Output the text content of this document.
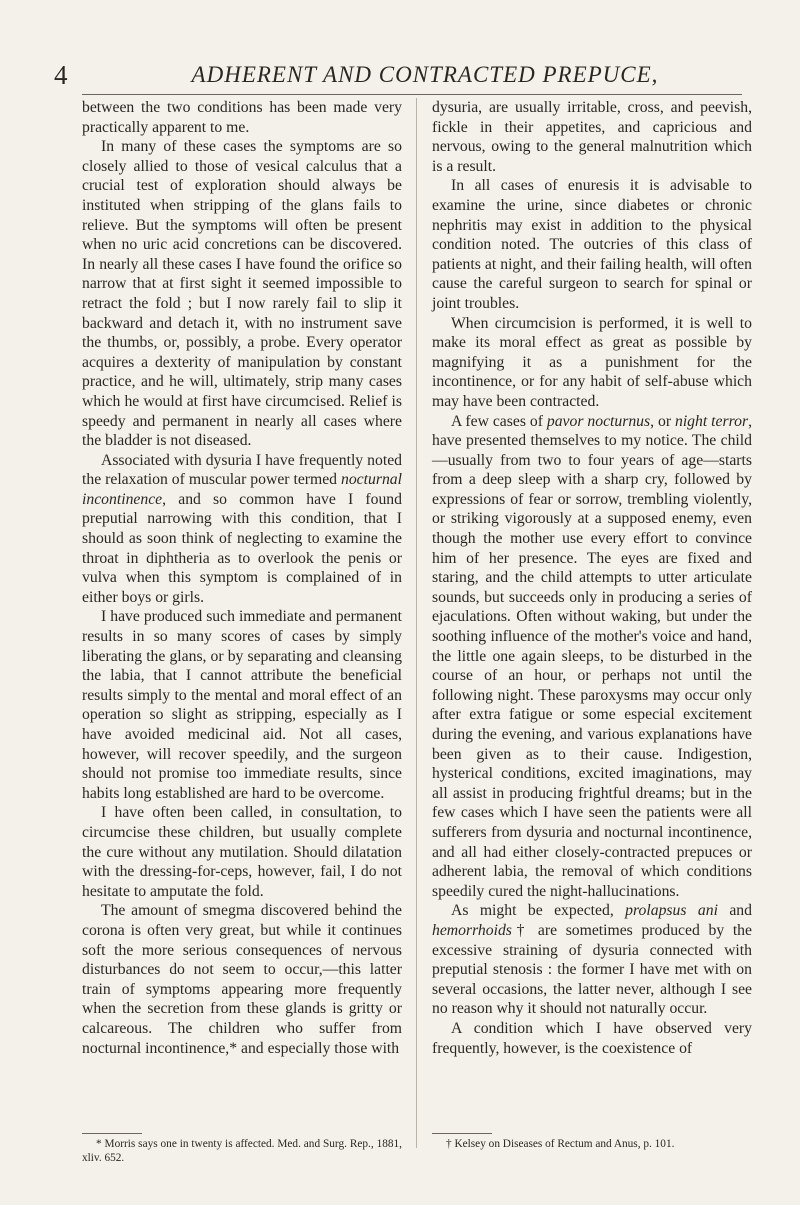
4	ADHERENT AND CONTRACTED PREPUCE,

between the two conditions has been made very practically apparent to me.

In many of these cases the symptoms are so closely allied to those of vesical calculus that a crucial test of exploration should always be instituted when stripping of the glans fails to relieve. But the symptoms will often be present when no uric acid concretions can be discovered. In nearly all these cases I have found the orifice so narrow that at first sight it seemed impossible to retract the fold ; but I now rarely fail to slip it backward and detach it, with no instrument save the thumbs, or, possibly, a probe. Every operator acquires a dexterity of manipulation by constant practice, and he will, ultimately, strip many cases which he would at first have circumcised. Relief is speedy and permanent in nearly all cases where the bladder is not diseased.

Associated with dysuria I have frequently noted the relaxation of muscular power termed nocturnal incontinence, and so common have I found preputial narrowing with this condition, that I should as soon think of neglecting to examine the throat in diphtheria as to overlook the penis or vulva when this symptom is complained of in either boys or girls.

I have produced such immediate and permanent results in so many scores of cases by simply liberating the glans, or by separating and cleansing the labia, that I cannot attribute the beneficial results simply to the mental and moral effect of an operation so slight as stripping, especially as I have avoided medicinal aid. Not all cases, however, will recover speedily, and the surgeon should not promise too immediate results, since habits long established are hard to be overcome.

I have often been called, in consultation, to circumcise these children, but usually complete the cure without any mutilation. Should dilatation with the dressing-for-ceps, however, fail, I do not hesitate to amputate the fold.

The amount of smegma discovered behind the corona is often very great, but while it continues soft the more serious consequences of nervous disturbances do not seem to occur,—this latter train of symptoms appearing more frequently when the secretion from these glands is gritty or calcareous. The children who suffer from nocturnal incontinence,* and especially those with

dysuria, are usually irritable, cross, and peevish, fickle in their appetites, and capricious and nervous, owing to the general malnutrition which is a result.

In all cases of enuresis it is advisable to examine the urine, since diabetes or chronic nephritis may exist in addition to the physical condition noted. The outcries of this class of patients at night, and their failing health, will often cause the careful surgeon to search for spinal or joint troubles.

When circumcision is performed, it is well to make its moral effect as great as possible by magnifying it as a punishment for the incontinence, or for any habit of self-abuse which may have been contracted.

A few cases of pavor nocturnus, or night terror, have presented themselves to my notice. The child—usually from two to four years of age—starts from a deep sleep with a sharp cry, followed by expressions of fear or sorrow, trembling violently, or striking vigorously at a supposed enemy, even though the mother use every effort to convince him of her presence. The eyes are fixed and staring, and the child attempts to utter articulate sounds, but succeeds only in producing a series of ejaculations. Often without waking, but under the soothing influence of the mother's voice and hand, the little one again sleeps, to be disturbed in the course of an hour, or perhaps not until the following night. These paroxysms may occur only after extra fatigue or some especial excitement during the evening, and various explanations have been given as to their cause. Indigestion, hysterical conditions, excited imaginations, may all assist in producing frightful dreams; but in the few cases which I have seen the patients were all sufferers from dysuria and nocturnal incontinence, and all had either closely-contracted prepuces or adherent labia, the removal of which conditions speedily cured the night-hallucinations.

As might be expected, prolapsus ani and hemorrhoids† are sometimes produced by the excessive straining of dysuria connected with preputial stenosis : the former I have met with on several occasions, the latter never, although I see no reason why it should not naturally occur.

A condition which I have observed very frequently, however, is the coexistence of

* Morris says one in twenty is affected. Med. and Surg. Rep., 1881, xliv. 652.

† Kelsey on Diseases of Rectum and Anus, p. 101.
